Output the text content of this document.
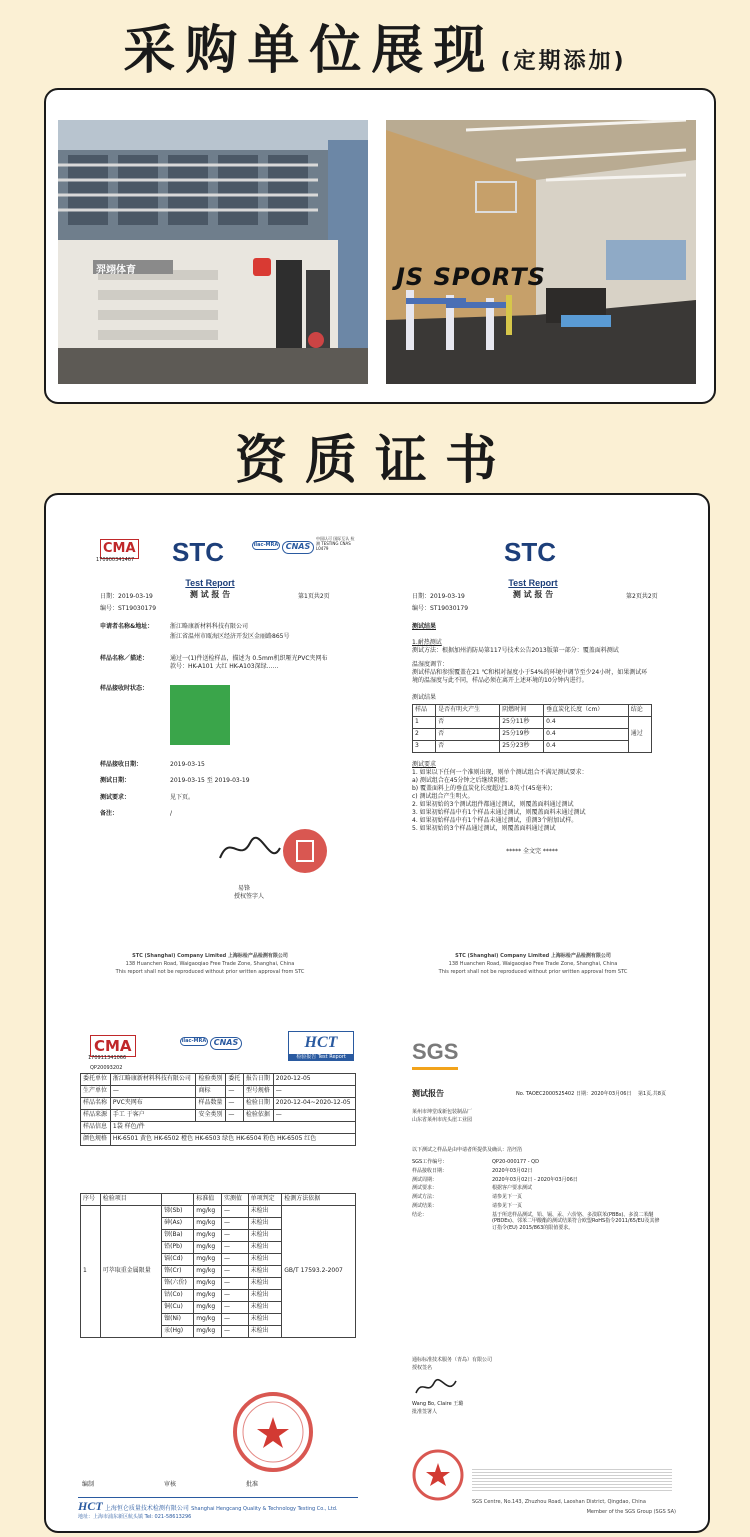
采购单位展现 (定期添加)
羿翊体育	JS SPORTS
资质证书
CMA
170900341467 STC	ilac-MRA CNAS
中国认可 国际互认 检测 TESTING CNAS L0479
Test Report
测 试 报 告
日期：2019-03-19	第1页共2页
编号：ST19030179
申请者名称&地址：	浙江略康新材料科技有限公司
浙江省温州市瓯海区经济开发区金丽路865号
样品名称／描述：	通过一(1)件送检样品，描述为 0.5mm机织哑光PVC夹网布 款号：HK-A101 大红 HK-A103深绿……
样品接收时状态：
样品接收日期：	2019-03-15
测试日期：	2019-03-15 至 2019-03-19
测试要求：	见下页。
备注：	/
易锋
授权签字人
STC (Shanghai) Company Limited 上海标检产品检测有限公司
138 Huanchen Road, Waigaoqiao Free Trade Zone, Shanghai, China
This report shall not be reproduced without prior written approval from STC
STC
Test Report
测 试 报 告
日期：2019-03-19	第2页共2页
编号：ST19030179
测试结果
1.耐热测试
测试方法：根据加州消防局第117号技术公告2013版第一部分：覆盖面料测试
温湿度调节：
测试样品和参照覆盖在21 ℃和相对湿度小于54%的环境中调节至少24小时，如果测试环境的温湿度与此不同，样品必须在离开上述环境的10分钟内进行。
测试结果
样品	是否有明火产生	阴燃时间	垂直炭化长度（cm）	结论
1	否	25分11秒	0.4	通过
2	否	25分19秒	0.4	
3	否	25分23秒	0.4	
测试要求
1. 如果以下任何一个准则出现，则单个测试组合不满足测试要求：
a) 测试组合在45分钟之后继续阴燃；
b) 覆盖面料上的垂直炭化长度超过1.8英寸(45毫米)；
c) 测试组合产生明火。
2. 如果初始的3个测试组件都通过测试，则覆盖面料通过测试
3. 如果初始样品中有1个样品未通过测试，则覆盖面料未通过测试
4. 如果初始样品中有1个样品未通过测试，重测3个附加试样。
5. 如果初始的3个样品通过测试，则覆盖面料通过测试
***** 全文完 *****
STC (Shanghai) Company Limited 上海标检产品检测有限公司
138 Huanchen Road, Waigaoqiao Free Trade Zone, Shanghai, China
This report shall not be reproduced without prior written approval from STC
CMA
170911341066
ilac-MRA CNAS	HCT
检验报告 Test Report
QP20093202
委托单位	浙江略康新材料科技有限公司	检验类别	委托	报告日期	2020-12-05
生产单位	—	商标	—	型号规格	—
样品名称	PVC夹网布	样品数量	—	检验日期	2020-12-04~2020-12-05
样品来源	手工 于客户	安全类别	—	检验依据	—
样品信息	1袋 样色/件				
颜色规格	HK-6501 黄色 HK-6502 橙色 HK-6503 绿色 HK-6504 粉色 HK-6505 红色				
序号	检验项目		标准值	实测值	单项判定	检测方法依据
1	可萃取重金属限量	锑(Sb)	mg/kg	—	未检出	GB/T 17593.2-2007
		砷(As)	mg/kg	—	未检出	
		钡(Ba)	mg/kg	—	未检出	
		铅(Pb)	mg/kg	—	未检出	
		镉(Cd)	mg/kg	—	未检出	
		铬(Cr)	mg/kg	—	未检出	
		铬(六价)	mg/kg	—	未检出	
		钴(Co)	mg/kg	—	未检出	
		铜(Cu)	mg/kg	—	未检出	
		镍(Ni)	mg/kg	—	未检出	
		汞(Hg)	mg/kg	—	未检出	
编制	审核	批准
HCT 上海恒仑质量技术检测有限公司 Shanghai Hengcang Quality & Technology Testing Co., Ltd.
地址：上海市浦东新区航头镇 Tel: 021-58613296
SGS
测试报告	No. TAOEC2000525402 日期：2020年03月06日 第1页,共8页
莱州市坤堂成新包装制品厂
山东省莱州市虎头崖工业园
以下测试之样品是由申请者所提供及确认：箔坯箔
SGS工作编号：	QP20-000177 - QD
样品接收日期：	2020年03月02日
测试周期：	2020年03月02日 - 2020年03月06日
测试要求：	根据客户要求测试
测试方法：	请参见下一页
测试结果：	请参见下一页
结论：	基于所送样品测试，铅、镉、汞、六价铬、多溴联苯(PBBs)、多溴二苯醚(PBDEs)、邻苯二甲酸酯的测试结果符合欧盟RoHS指令2011/65/EU及其修订指令(EU) 2015/863的限值要求。
通标标准技术服务（青岛）有限公司
授权签名
Wang Bo, Claire 王璐
批准签署人
SGS Centre, No.143, Zhuzhou Road, Laoshan District, Qingdao, China
Member of the SGS Group (SGS SA)
